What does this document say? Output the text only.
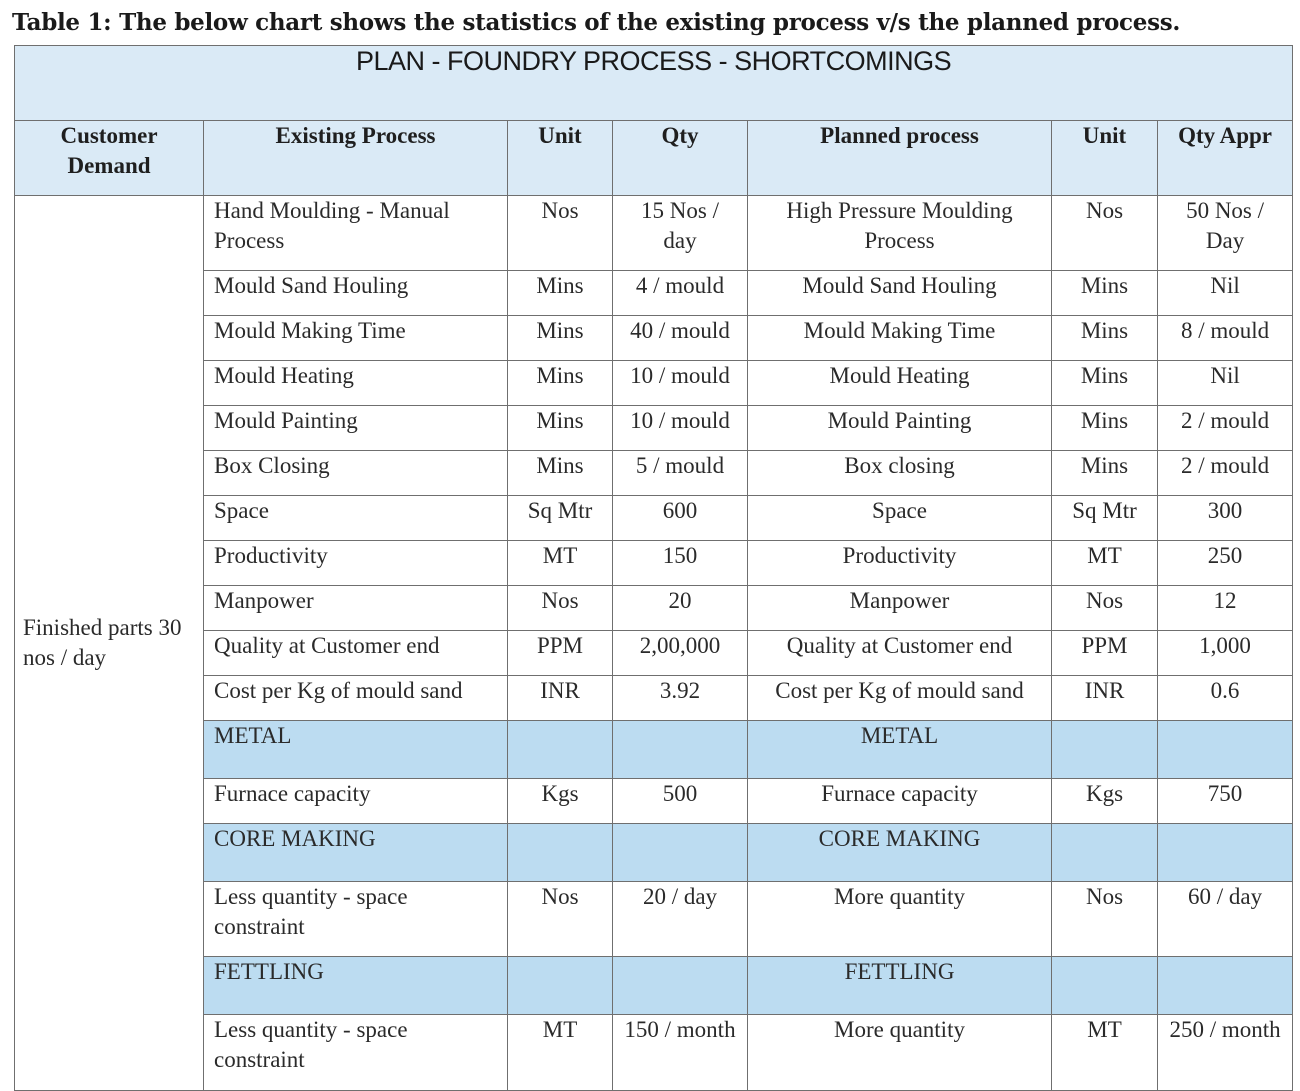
Table 1: The below chart shows the statistics of the existing process v/s the planned process.
PLAN - FOUNDRY PROCESS - SHORTCOMINGS						
Customer Demand	Existing Process	Unit	Qty	Planned process	Unit	Qty Appr
Finished parts 30 nos / day	Hand Moulding - Manual Process	Nos	15 Nos / day	High Pressure Moulding Process	Nos	50 Nos / Day
	Mould Sand Houling	Mins	4 / mould	Mould Sand Houling	Mins	Nil
	Mould Making Time	Mins	40 / mould	Mould Making Time	Mins	8 / mould
	Mould Heating	Mins	10 / mould	Mould Heating	Mins	Nil
	Mould Painting	Mins	10 / mould	Mould Painting	Mins	2 / mould
	Box Closing	Mins	5 / mould	Box closing	Mins	2 / mould
	Space	Sq Mtr	600	Space	Sq Mtr	300
	Productivity	MT	150	Productivity	MT	250
	Manpower	Nos	20	Manpower	Nos	12
	Quality at Customer end	PPM	2,00,000	Quality at Customer end	PPM	1,000
	Cost per Kg of mould sand	INR	3.92	Cost per Kg of mould sand	INR	0.6
	METAL			METAL		
	Furnace capacity	Kgs	500	Furnace capacity	Kgs	750
	CORE MAKING			CORE MAKING		
	Less quantity - space constraint	Nos	20 / day	More quantity	Nos	60 / day
	FETTLING			FETTLING		
	Less quantity - space constraint	MT	150 / month	More quantity	MT	250 / month
